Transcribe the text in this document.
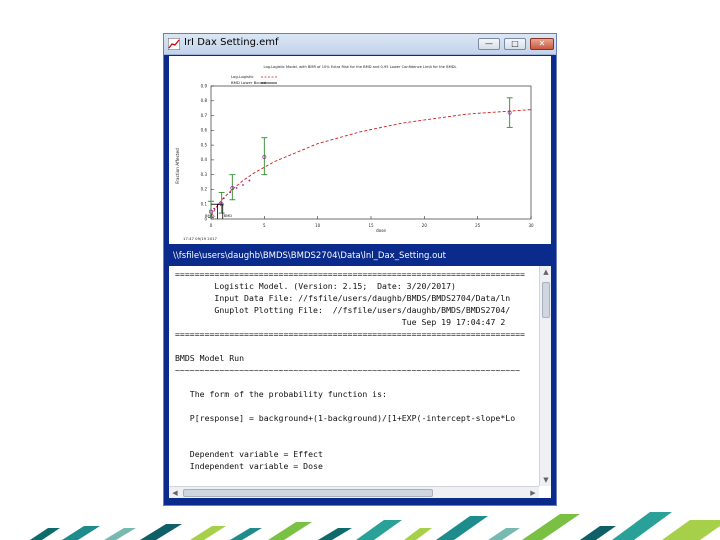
IrI Dax Setting.emf	—	□	✕
Log-Logistic Model, with BMR of 10% Extra Risk for the BMD and 0.95 Lower Confidence Limit for the BMDL
Log-Logistic
BMD Lower Bound
Fraction Affected
dose
17:47 09/19 2017
0
0.1
0.2
0.3
0.4
0.5
0.6
0.7
0.8
0.9
0	5	10	15	20	25	30
BMDL BMD
\\fsfile\users\daughb\BMDS\BMDS2704\Data\lnl_Dax_Setting.out
=======================================================================
Logistic Model. (Version: 2.15;  Date: 3/20/2017)
Input Data File: //fsfile/users/daughb/BMDS/BMDS2704/Data/ln
Gnuplot Plotting File:  //fsfile/users/daughb/BMDS/BMDS2704/
Tue Sep 19 17:04:47 2
=======================================================================
BMDS Model Run
~~~~~~~~~~~~~~~~~~~~~~~~~~~~~~~~~~~~~~~~~~~~~~~~~~~~~~~~~~~~~~~~~~~~~~
The form of the probability function is:
P[response] = background+(1-background)/[1+EXP(-intercept-slope*Lo
Dependent variable = Effect
Independent variable = Dose

▲
▼
◀	▶
